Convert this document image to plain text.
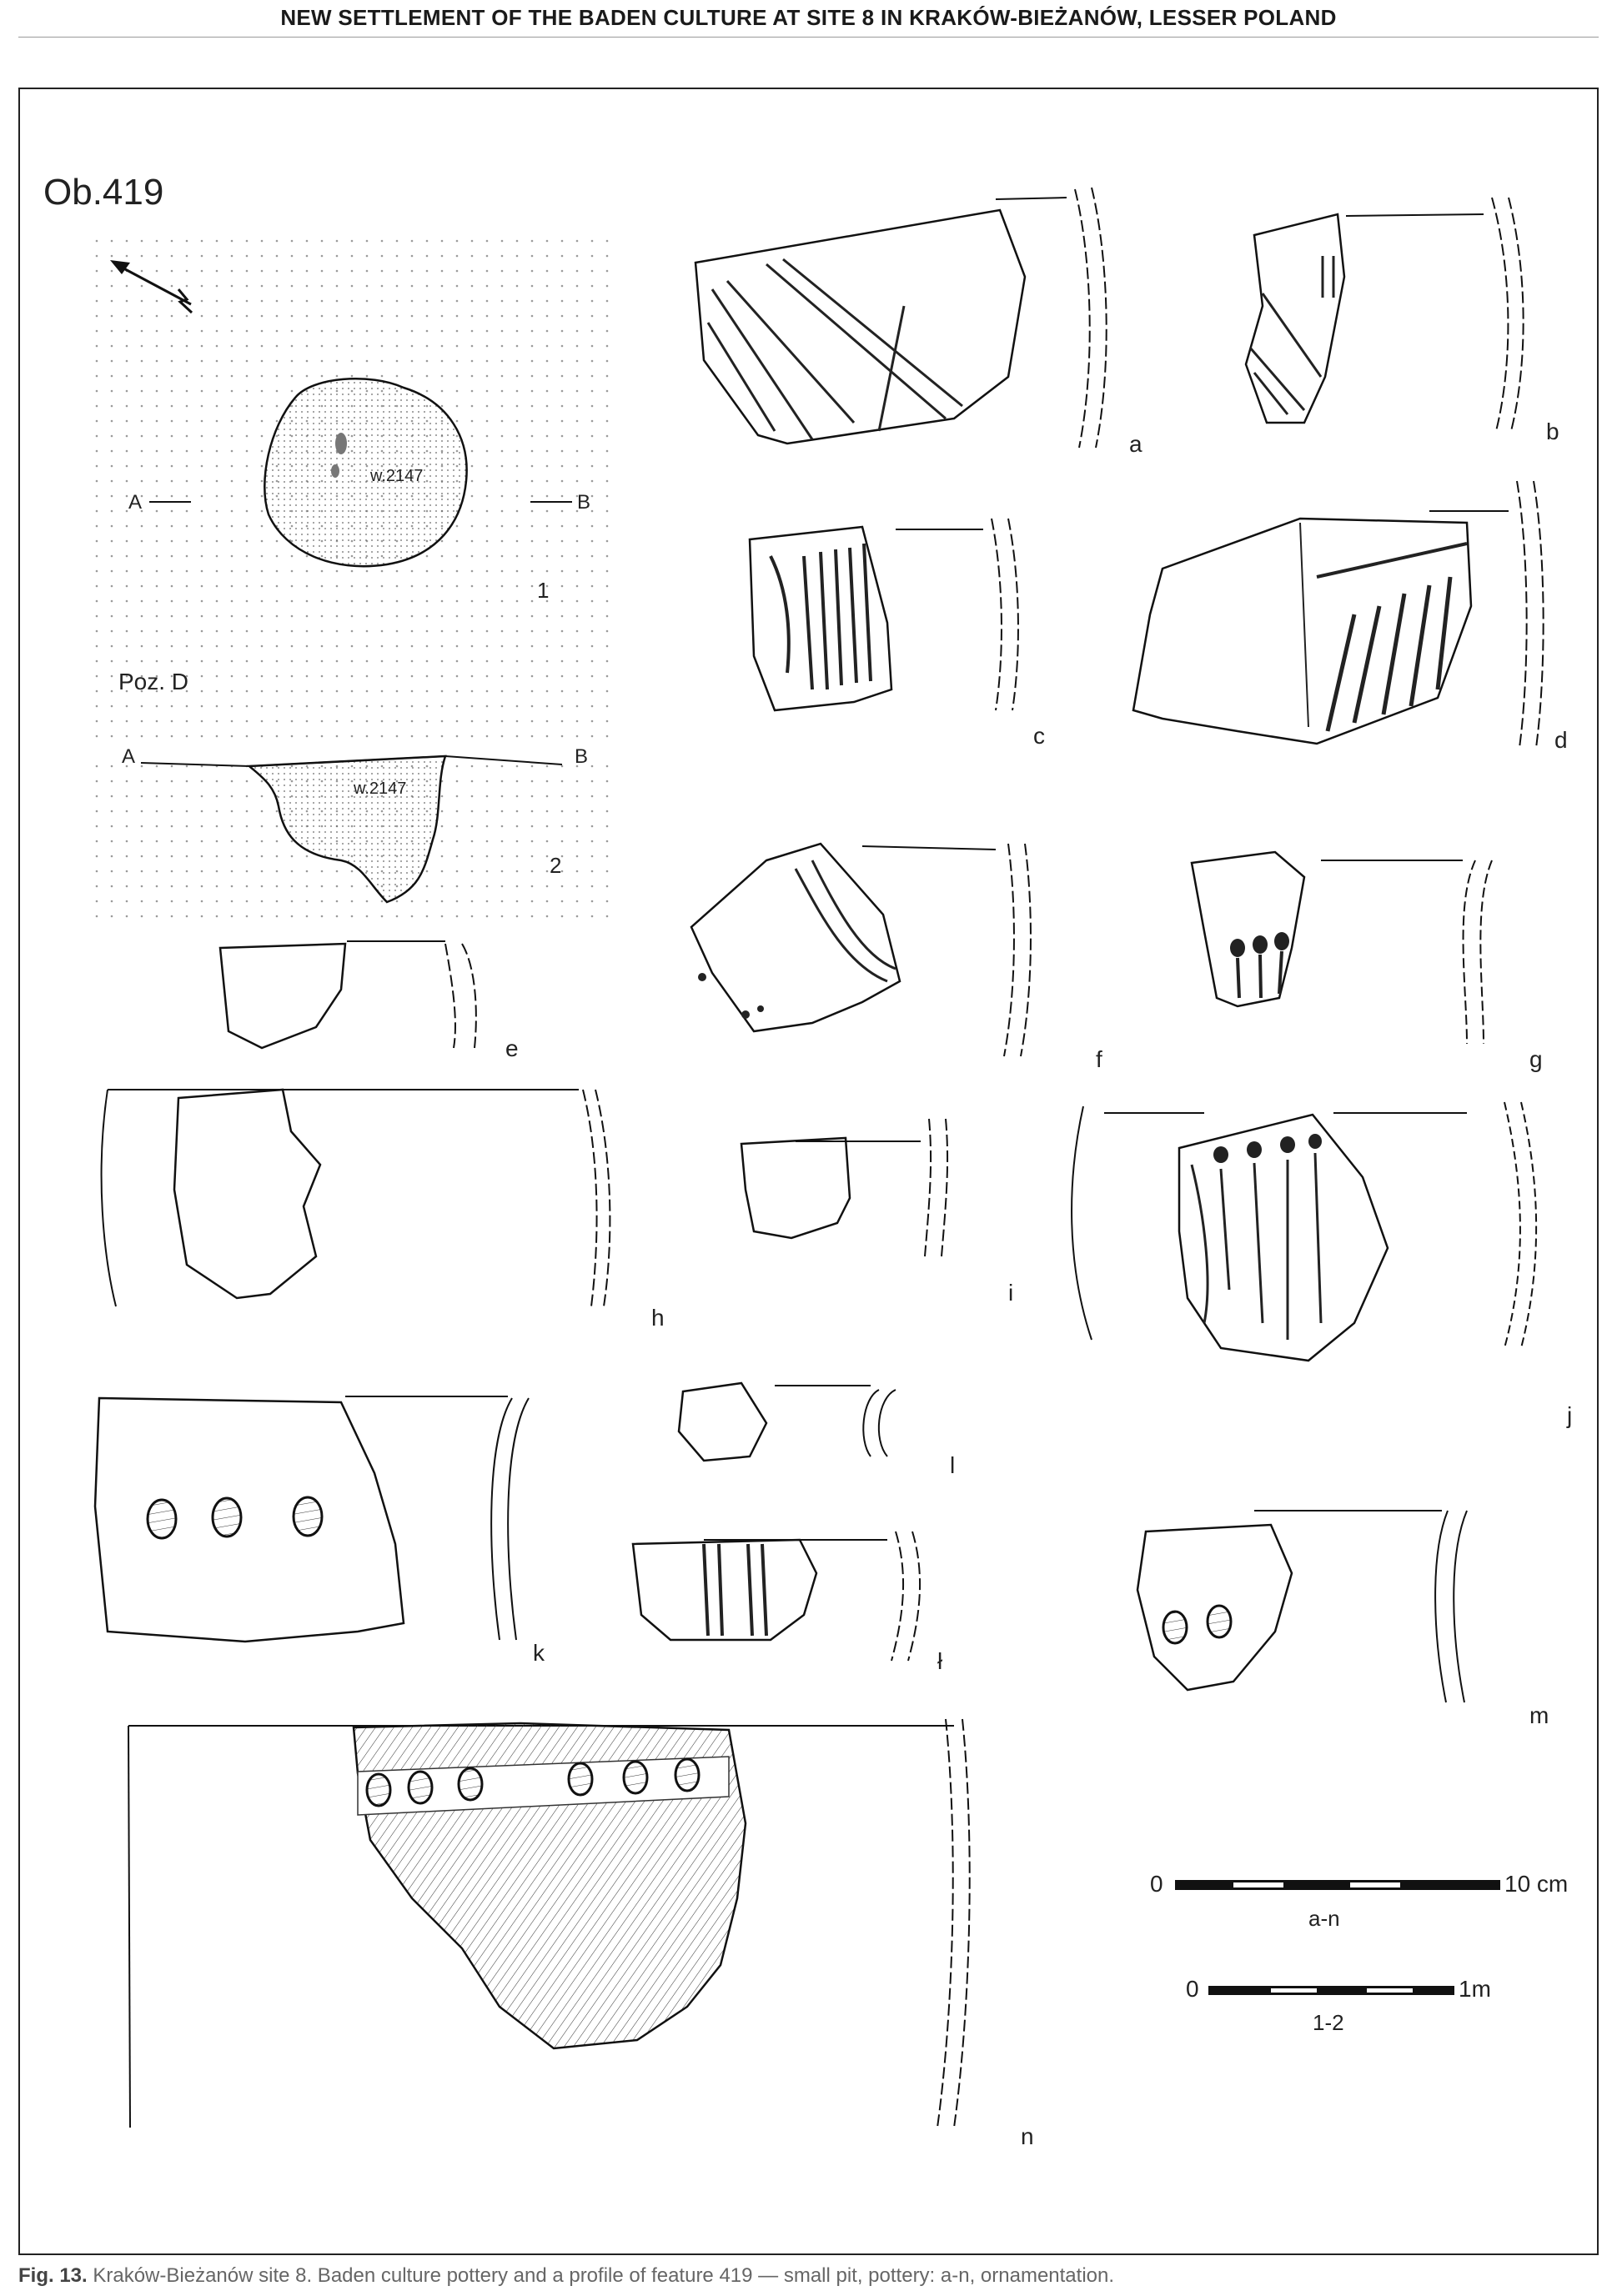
NEW SETTLEMENT OF THE BADEN CULTURE AT SITE 8 IN KRAKÓW-BIEŻANÓW, LESSER POLAND
Ob.419
w.2147
A	B
1
Poz. D
A	B
w.2147
2
a	b
c	d
e	f	g
h
i
j
k
l
ł
m
n
0	10 cm
a-n
0	1m
1-2
Fig. 13. Kraków-Bieżanów site 8. Baden culture pottery and a profile of feature 419 — small pit, pottery: a-n, ornamentation.
